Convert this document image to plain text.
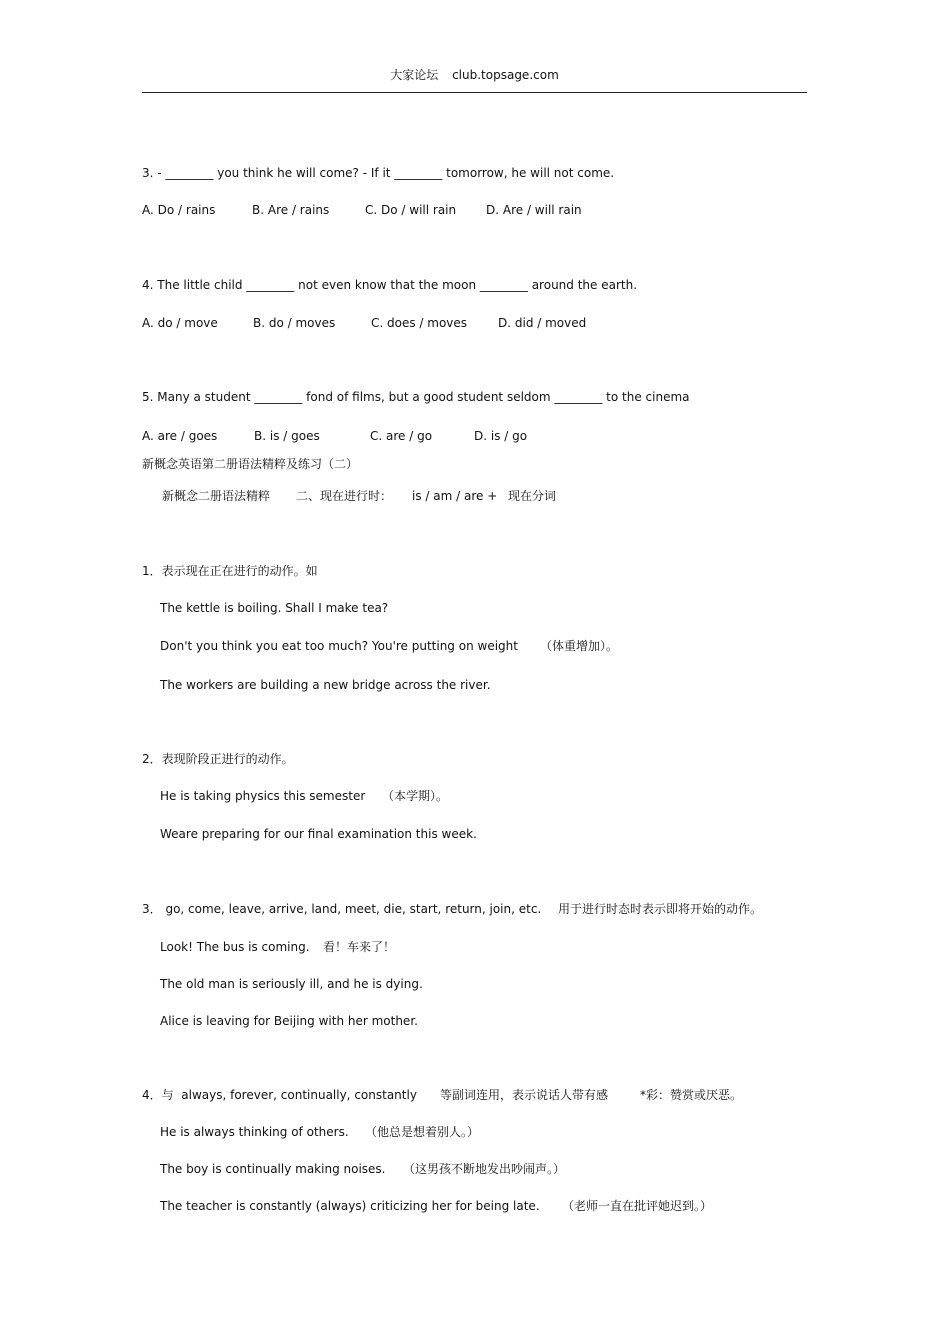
大家论坛 club.topsage.com
3. - ________ you think he will come? - If it ________ tomorrow, he will not come.
A. Do / rains	B. Are / rains	C. Do / will rain D. Are / will rain
4. The little child ________ not even know that the moon ________ around the earth.
A. do / move	B. do / moves	C. does / moves	D. did / moved
5. Many a student ________ fond of films, but a good student seldom ________ to the cinema
A. are / goes	B. is / goes	C. are / go	D. is / go
新概念英语第二册语法精粹及练习（二）
新概念二册语法精粹 二、现在进行时： is / am / are + 现在分词
1．表示现在正在进行的动作。如
The kettle is boiling. Shall I make tea?
Don't you think you eat too much? You're putting on weight （体重增加）。
The workers are building a new bridge across the river.
2．表现阶段正进行的动作。
He is taking physics this semester （本学期）。
Weare preparing for our final examination this week.
3． go, come, leave, arrive, land, meet, die, start, return, join, etc. 用于进行时态时表示即将开始的动作。
Look! The bus is coming. 看！车来了！
The old man is seriously ill, and he is dying.
Alice is leaving for Beijing with her mother.
4．与  always, forever, continually, constantly 等副词连用，表示说话人带有感	*彩：赞赏或厌恶。
He is always thinking of others. （他总是想着别人。）
The boy is continually making noises. （这男孩不断地发出吵闹声。）
The teacher is constantly (always) criticizing her for being late. （老师一直在批评她迟到。）
